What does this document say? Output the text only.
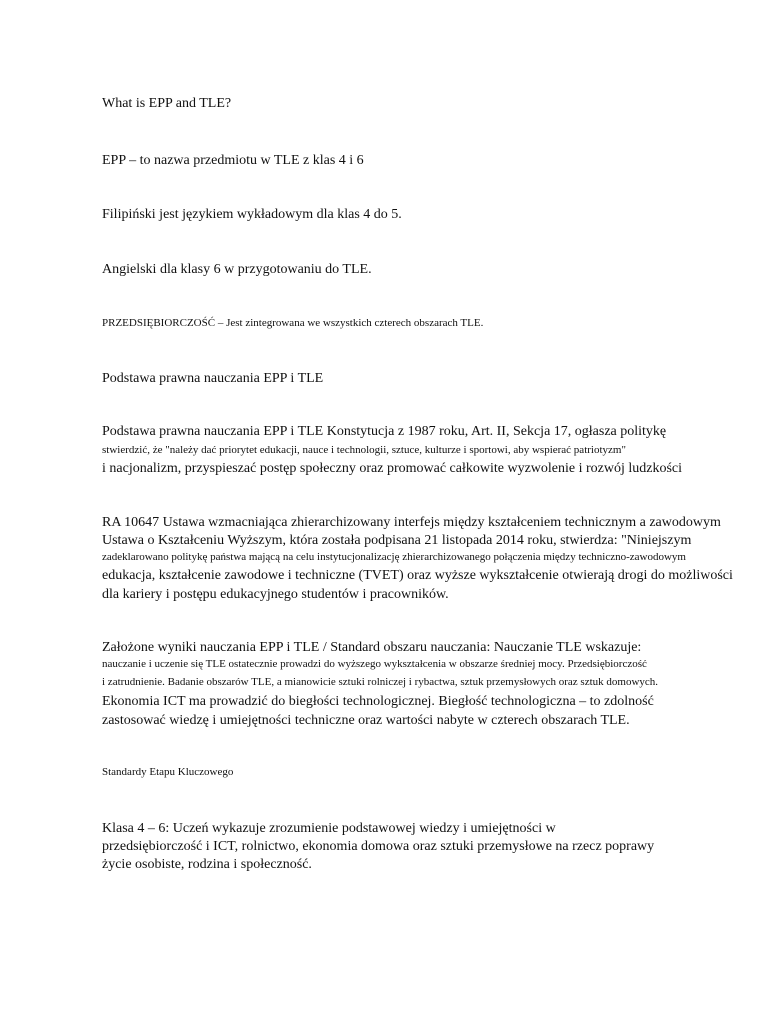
What is EPP and TLE?
EPP – to nazwa przedmiotu w TLE z klas 4 i 6
Filipiński jest językiem wykładowym dla klas 4 do 5.
Angielski dla klasy 6 w przygotowaniu do TLE.
PRZEDSIĘBIORCZOŚĆ – Jest zintegrowana we wszystkich czterech obszarach TLE.
Podstawa prawna nauczania EPP i TLE
Podstawa prawna nauczania EPP i TLE Konstytucja z 1987 roku, Art. II, Sekcja 17, ogłasza politykę
stwierdzić, że "należy dać priorytet edukacji, nauce i technologii, sztuce, kulturze i sportowi, aby wspierać patriotyzm"
i nacjonalizm, przyspieszać postęp społeczny oraz promować całkowite wyzwolenie i rozwój ludzkości
RA 10647 Ustawa wzmacniająca zhierarchizowany interfejs między kształceniem technicznym a zawodowym
Ustawa o Kształceniu Wyższym, która została podpisana 21 listopada 2014 roku, stwierdza: "Niniejszym
zadeklarowano politykę państwa mającą na celu instytucjonalizację zhierarchizowanego połączenia między techniczno-zawodowym
edukacja, kształcenie zawodowe i techniczne (TVET) oraz wyższe wykształcenie otwierają drogi do możliwości
dla kariery i postępu edukacyjnego studentów i pracowników.
Założone wyniki nauczania EPP i TLE / Standard obszaru nauczania: Nauczanie TLE wskazuje:
nauczanie i uczenie się TLE ostatecznie prowadzi do wyższego wykształcenia w obszarze średniej mocy. Przedsiębiorczość
i zatrudnienie. Badanie obszarów TLE, a mianowicie sztuki rolniczej i rybactwa, sztuk przemysłowych oraz sztuk domowych.
Ekonomia ICT ma prowadzić do biegłości technologicznej. Biegłość technologiczna – to zdolność
zastosować wiedzę i umiejętności techniczne oraz wartości nabyte w czterech obszarach TLE.
Standardy Etapu Kluczowego
Klasa 4 – 6: Uczeń wykazuje zrozumienie podstawowej wiedzy i umiejętności w
przedsiębiorczość i ICT, rolnictwo, ekonomia domowa oraz sztuki przemysłowe na rzecz poprawy
życie osobiste, rodzina i społeczność.
